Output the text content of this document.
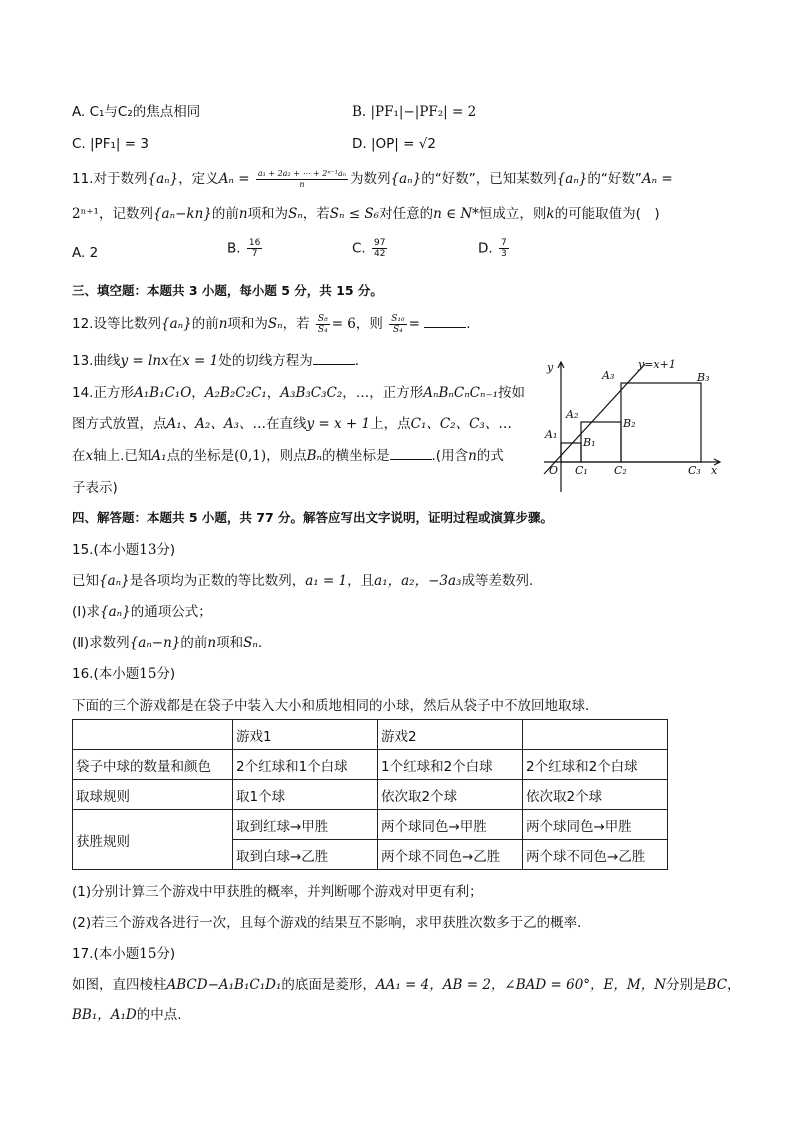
A. C₁与C₂的焦点相同	B. |PF₁|−|PF₂| = 2
C. |PF₁| = 3	D. |OP| = √2
11.对于数列{aₙ}，定义$A_n = \frac{\text{a₁ + 2a₂ + ⋯ + 2ⁿ⁻¹aₙ}}{n}$ 为数列{aₙ}的“好数”，已知某数列{aₙ}的“好数”Aₙ =
2ⁿ⁺¹，记数列{aₙ−kn}的前n项和为Sₙ，若Sₙ ≤ S₆对任意的n ∈ N*恒成立，则k的可能取值为(　)
A. 2	B. $\frac{16}{7}$	C. $\frac{97}{42}$	D. $\frac{7}{3}$
三、填空题：本题共 3 小题，每小题 5 分，共 15 分。
12.设等比数列{aₙ}的前n项和为Sₙ，若 $\frac{\text{S₈}}{\text{S₄}} = 6$，则 $\frac{\text{S₁₆}}{\text{S₄}}$ =	.
13.曲线y = lnx在x = 1处的切线方程为	.
14.正方形A₁B₁C₁O，A₂B₂C₂C₁，A₃B₃C₃C₂，…，正方形AₙBₙCₙCₙ₋₁按如
图方式放置，点A₁、A₂、A₃、…在直线y = x + 1上，点C₁、C₂、C₃、…
在x轴上.已知A₁点的坐标是(0,1)，则点Bₙ的横坐标是	.(用含n的式
子表示)
y
x
y=x+1
O
A₁
A₂
A₃
B₁
B₂
B₃
C₁ C₂	C₃
四、解答题：本题共 5 小题，共 77 分。解答应写出文字说明，证明过程或演算步骤。
15.(本小题13分)
已知{aₙ}是各项均为正数的等比数列，a₁ = 1，且a₁，a₂，−3a₃成等差数列.
(Ⅰ)求{aₙ}的通项公式；
(Ⅱ)求数列{aₙ−n}的前n项和Sₙ.
16.(本小题15分)
下面的三个游戏都是在袋子中装入大小和质地相同的小球，然后从袋子中不放回地取球．
	游戏1	游戏2	
袋子中球的数量和颜色	2个红球和1个白球	1个红球和2个白球	2个红球和2个白球
取球规则	取1个球	依次取2个球	依次取2个球
获胜规则	取到红球→甲胜	两个球同色→甲胜	两个球同色→甲胜
	取到白球→乙胜	两个球不同色→乙胜	两个球不同色→乙胜
(1)分别计算三个游戏中甲获胜的概率，并判断哪个游戏对甲更有利；
(2)若三个游戏各进行一次，且每个游戏的结果互不影响，求甲获胜次数多于乙的概率．
17.(本小题15分)
如图，直四棱柱ABCD−A₁B₁C₁D₁的底面是菱形，AA₁ = 4，AB = 2，∠BAD = 60°，E，M，N分别是BC，
BB₁，A₁D的中点.
